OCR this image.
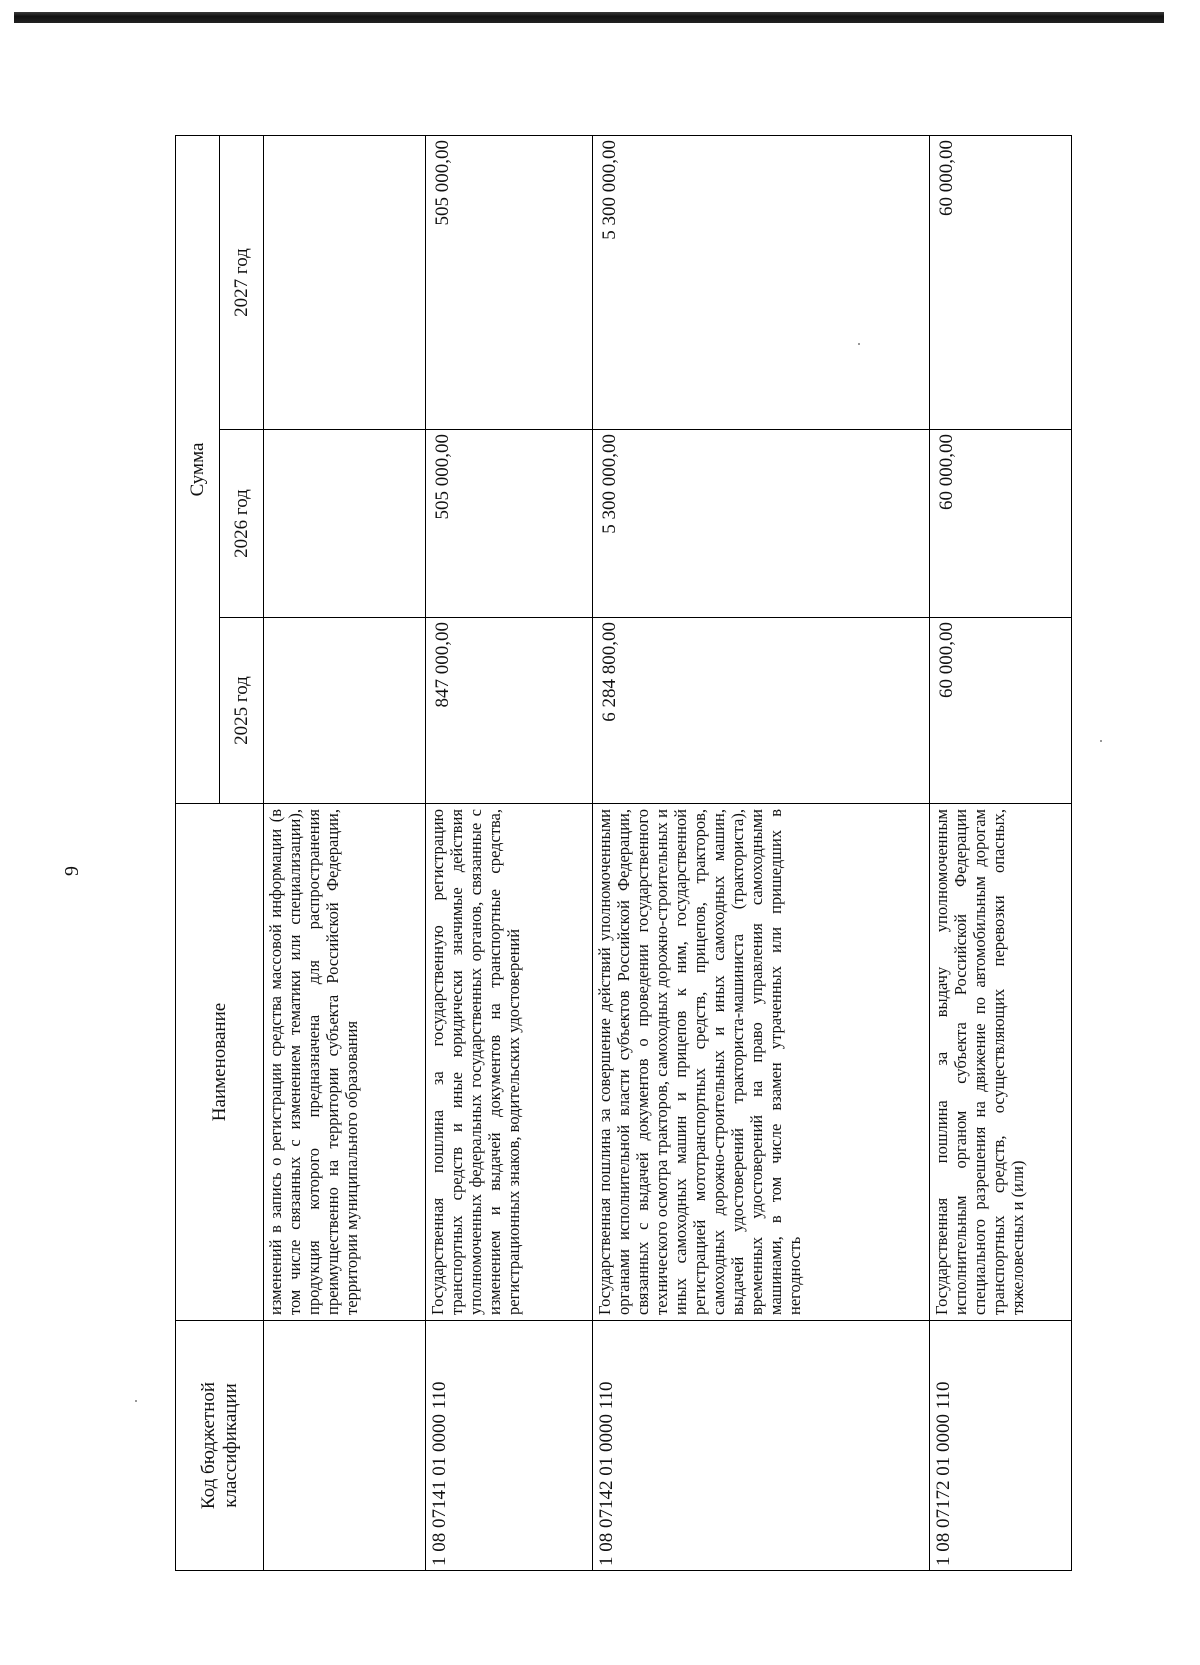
9
Код бюджетной классификации	Наименование	Сумма		
		2025 год	2026 год	2027 год
	изменений в запись о регистрации средства массовой информации (в том числе связанных с изменением тематики или специализации), продукция которого предназначена для распространения преимущественно на территории субъекта Российской Федерации, территории муниципального образования			
1 08 07141 01 0000 110	Государственная пошлина за государственную регистрацию транспортных средств и иные юридически значимые действия уполномоченных федеральных государственных органов, связанные с изменением и выдачей документов на транспортные средства, регистрационных знаков, водительских удостоверений	847 000,00	505 000,00	505 000,00
1 08 07142 01 0000 110	Государственная пошлина за совершение действий уполномоченными органами исполнительной власти субъектов Российской Федерации, связанных с выдачей документов о проведении государственного технического осмотра тракторов, самоходных дорожно-строительных и иных самоходных машин и прицепов к ним, государственной регистрацией мототранспортных средств, прицепов, тракторов, самоходных дорожно-строительных и иных самоходных машин, выдачей удостоверений тракториста-машиниста (тракториста), временных удостоверений на право управления самоходными машинами, в том числе взамен утраченных или пришедших в негодность	6 284 800,00	5 300 000,00	5 300 000,00
1 08 07172 01 0000 110	Государственная пошлина за выдачу уполномоченным исполнительным органом субъекта Российской Федерации специального разрешения на движение по автомобильным дорогам транспортных средств, осуществляющих перевозки опасных, тяжеловесных и (или)	60 000,00	60 000,00	60 000,00
